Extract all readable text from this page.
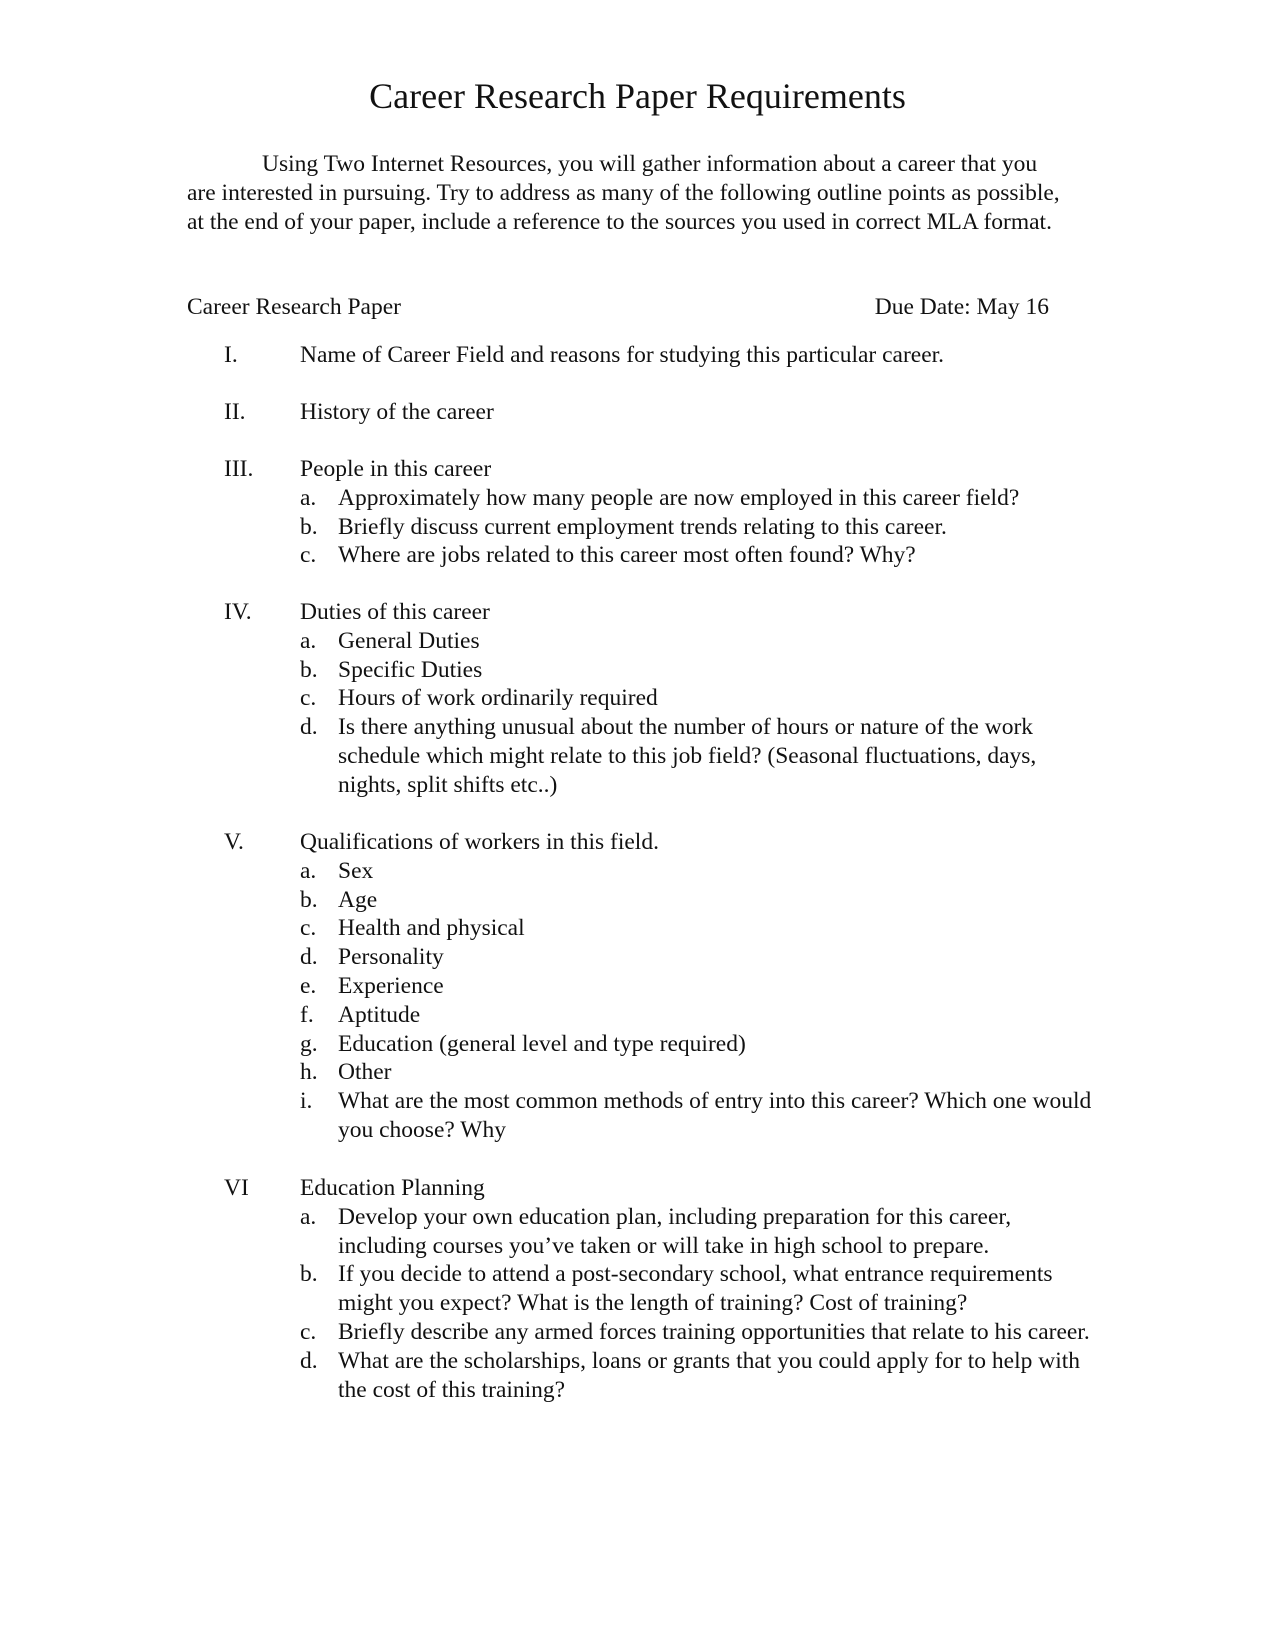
Career Research Paper Requirements

Using Two Internet Resources, you will gather information about a career that you are interested in pursuing. Try to address as many of the following outline points as possible, at the end of your paper, include a reference to the sources you used in correct MLA format.

Career Research Paper	Due Date: May 16
I.	Name of Career Field and reasons for studying this particular career.
II. History of the career
III. People in this career
a. Approximately how many people are now employed in this career field?
b. Briefly discuss current employment trends relating to this career.
c. Where are jobs related to this career most often found? Why?
IV. Duties of this career
a. General Duties
b. Specific Duties
c. Hours of work ordinarily required
d. Is there anything unusual about the number of hours or nature of the work schedule which might relate to this job field? (Seasonal fluctuations, days, nights, split shifts etc..)
V. Qualifications of workers in this field.
a. Sex
b. Age
c. Health and physical
d. Personality
e. Experience
f. Aptitude
g. Education (general level and type required)
h. Other
i. What are the most common methods of entry into this career? Which one would you choose? Why
VI Education Planning
a. Develop your own education plan, including preparation for this career, including courses you’ve taken or will take in high school to prepare.
b. If you decide to attend a post-secondary school, what entrance requirements might you expect? What is the length of training? Cost of training?
c. Briefly describe any armed forces training opportunities that relate to his career.
d. What are the scholarships, loans or grants that you could apply for to help with the cost of this training?
